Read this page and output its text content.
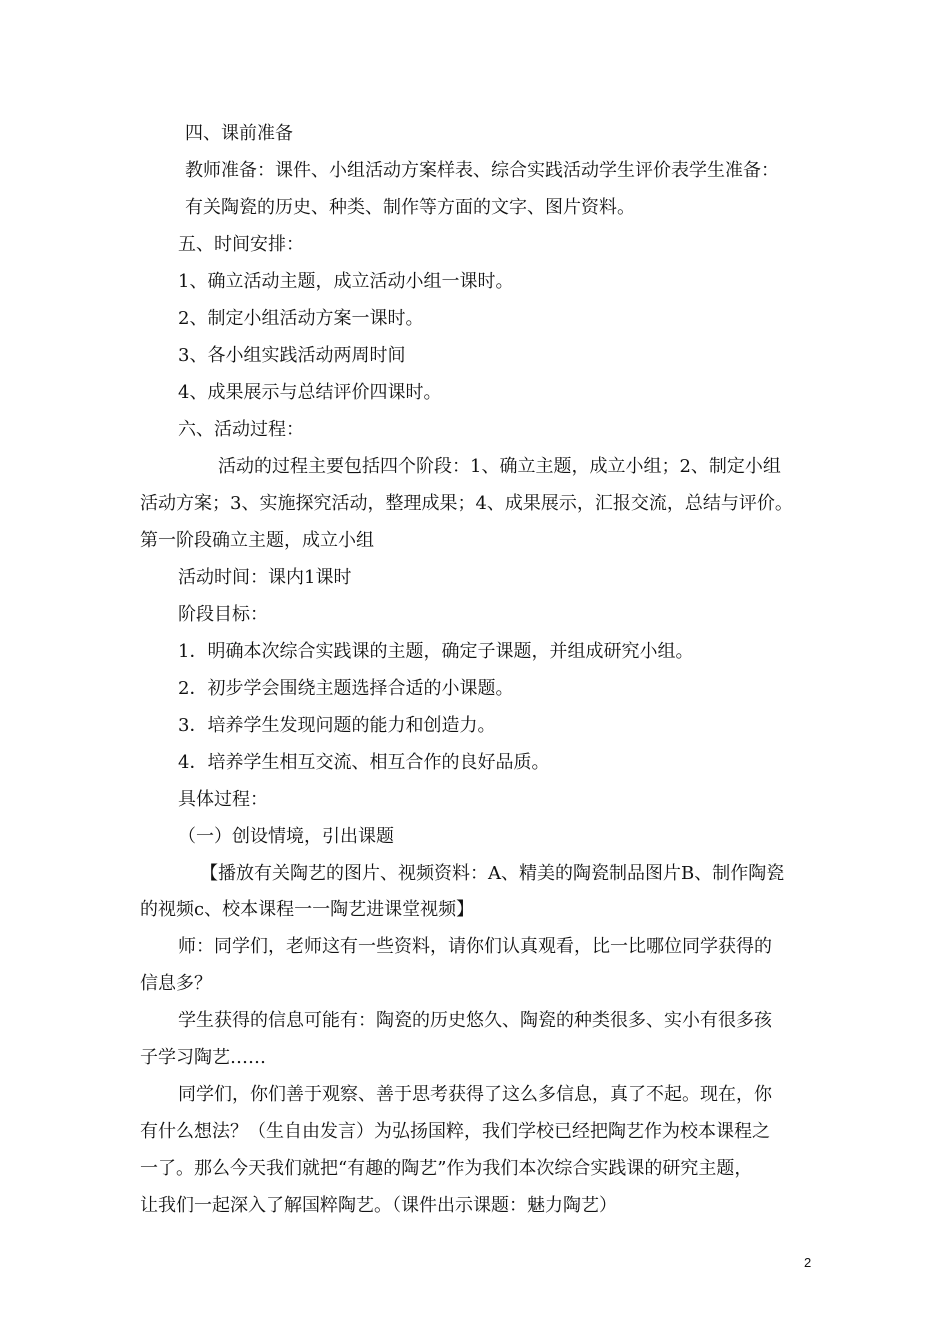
四、课前准备
教师准备：课件、小组活动方案样表、综合实践活动学生评价表学生准备：
有关陶瓷的历史、种类、制作等方面的文字、图片资料。
五、时间安排：
1、确立活动主题，成立活动小组一课时。
2、制定小组活动方案一课时。
3、各小组实践活动两周时间
4、成果展示与总结评价四课时。
六、活动过程：
活动的过程主要包括四个阶段：1、确立主题，成立小组；2、制定小组
活动方案；3、实施探究活动，整理成果；4、成果展示，汇报交流，总结与评价。
第一阶段确立主题，成立小组
活动时间：课内1课时
阶段目标：
1．明确本次综合实践课的主题，确定子课题，并组成研究小组。
2．初步学会围绕主题选择合适的小课题。
3．培养学生发现问题的能力和创造力。
4．培养学生相互交流、相互合作的良好品质。
具体过程：
（一）创设情境，引出课题
【播放有关陶艺的图片、视频资料：A、精美的陶瓷制品图片B、制作陶瓷
的视频c、校本课程一一陶艺进课堂视频】
师：同学们，老师这有一些资料，请你们认真观看，比一比哪位同学获得的
信息多？
学生获得的信息可能有：陶瓷的历史悠久、陶瓷的种类很多、实小有很多孩
子学习陶艺……
同学们，你们善于观察、善于思考获得了这么多信息，真了不起。现在，你
有什么想法？（生自由发言）为弘扬国粹，我们学校已经把陶艺作为校本课程之
一了。那么今天我们就把“有趣的陶艺”作为我们本次综合实践课的研究主题，
让我们一起深入了解国粹陶艺。（课件出示课题：魅力陶艺）
2
